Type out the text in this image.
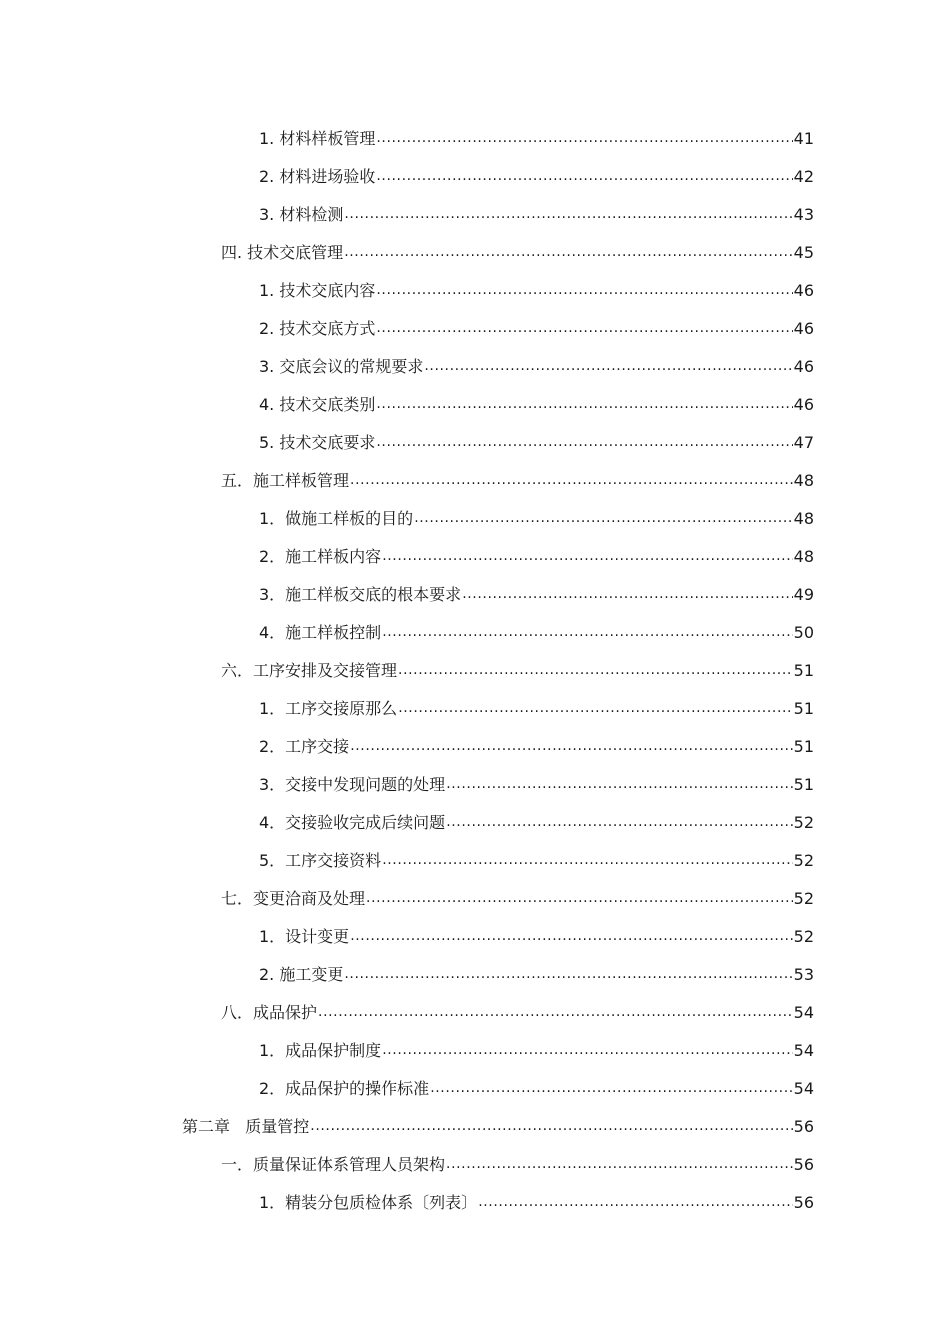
1. 材料样板管理 .....	41
2. 材料进场验收 .....	42
3. 材料检测 .....	43
四. 技术交底管理 .....	45
1. 技术交底内容 .....	46
2. 技术交底方式 .....	46
3. 交底会议的常规要求 .....	46
4. 技术交底类别 .....	46
5. 技术交底要求 .....	47
五．施工样板管理 .....	48
1．做施工样板的目的 .....	48
2．施工样板内容 .....	48
3．施工样板交底的根本要求 .....	49
4．施工样板控制 .....	50
六．工序安排及交接管理 .....	51
1．工序交接原那么 .....	51
2．工序交接 .....	51
3．交接中发现问题的处理 .....	51
4．交接验收完成后续问题 .....	52
5．工序交接资料 .....	52
七．变更洽商及处理 .....	52
1．设计变更 .....	52
2. 施工变更 .....	53
八．成品保护 .....	54
1．成品保护制度 .....	54
2．成品保护的操作标准 .....	54
第二章   质量管控 .....	56
一．质量保证体系管理人员架构 .....	56
1．精装分包质检体系〔列表〕 .....	56
